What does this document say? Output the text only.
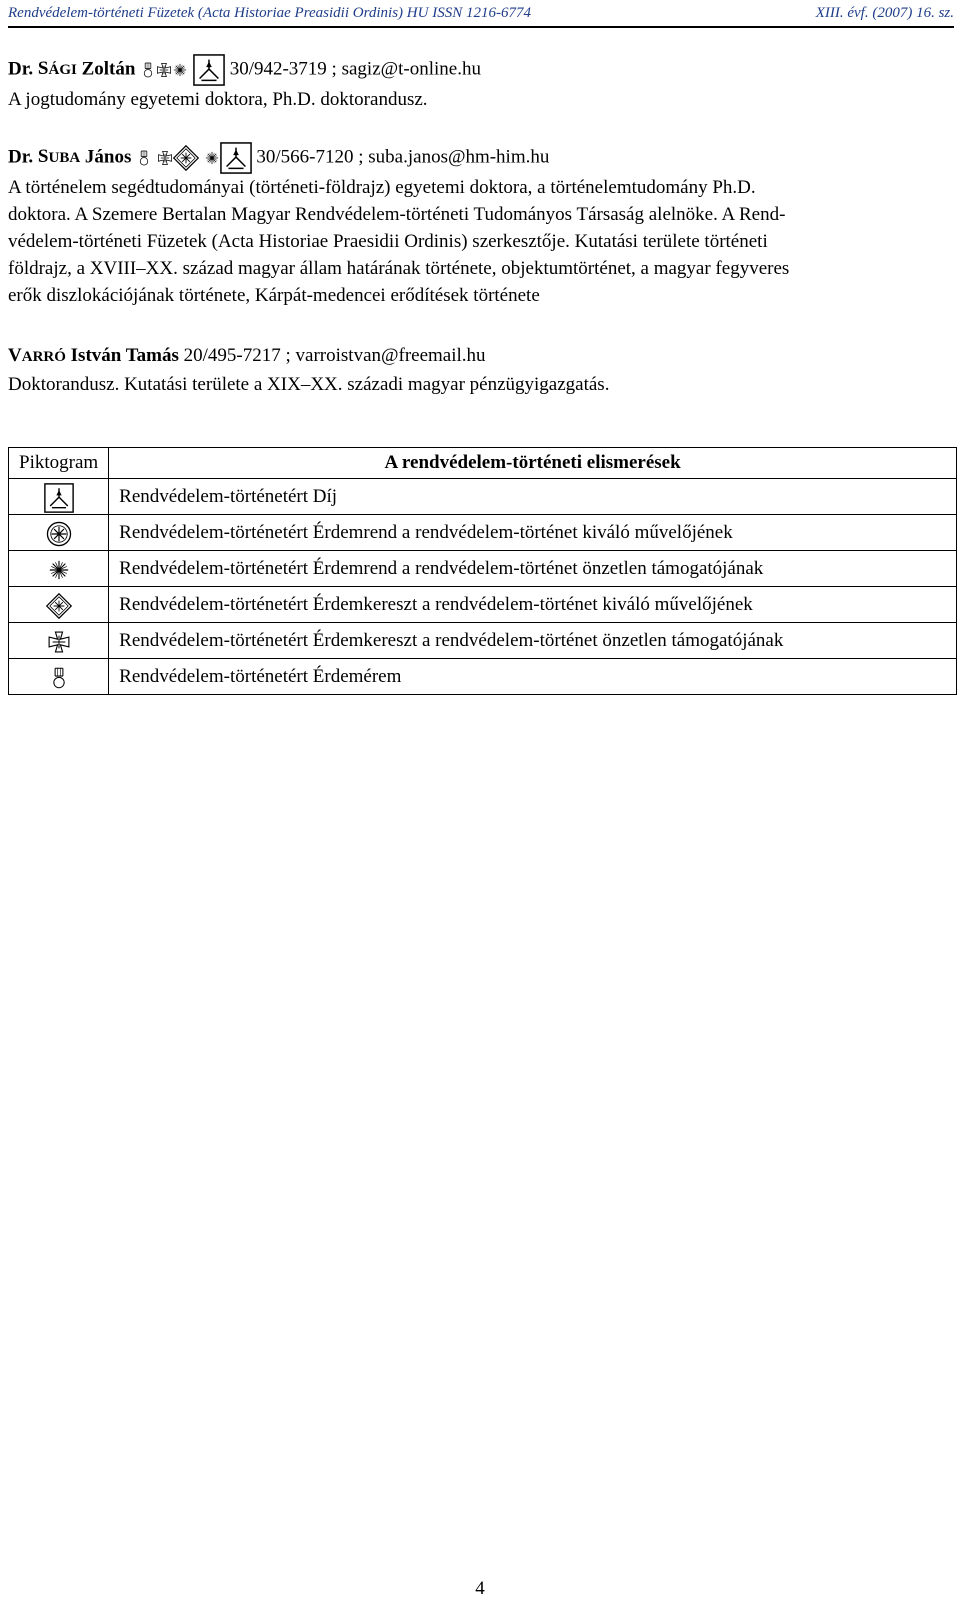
Rendvédelem-történeti Füzetek (Acta Historiae Preasidii Ordinis) HU ISSN 1216-6774	XIII. évf. (2007) 16. sz.
Dr. SÁGI Zoltán
	30/942-3719 ; sagiz@t-online.hu
A jogtudomány egyetemi doktora, Ph.D. doktorandusz.
Dr. SUBA János

	30/566-7120 ; suba.janos@hm-him.hu
A történelem segédtudományai (történeti-földrajz) egyetemi doktora, a történelemtudomány Ph.D.
doktora. A Szemere Bertalan Magyar Rendvédelem-történeti Tudományos Társaság alelnöke. A Rend-
védelem-történeti Füzetek (Acta Historiae Praesidii Ordinis) szerkesztője. Kutatási területe történeti
földrajz, a XVIII–XX. század magyar állam határának története, objektumtörténet, a magyar fegyveres
erők diszlokációjának története, Kárpát-medencei erődítések története
VARRÓ István Tamás 20/495-7217 ; varroistvan@freemail.hu
Doktorandusz. Kutatási területe a XIX–XX. századi magyar pénzügyigazgatás.
Piktogram	A rendvédelem-történeti elismerések

	Rendvédelem-történetért Díj

	Rendvédelem-történetért Érdemrend a rendvédelem-történet kiváló művelőjének

	Rendvédelem-történetért Érdemrend a rendvédelem-történet önzetlen támogatójának

	Rendvédelem-történetért Érdemkereszt a rendvédelem-történet kiváló művelőjének

	Rendvédelem-történetért Érdemkereszt a rendvédelem-történet önzetlen támogatójának

	Rendvédelem-történetért Érdemérem
4
